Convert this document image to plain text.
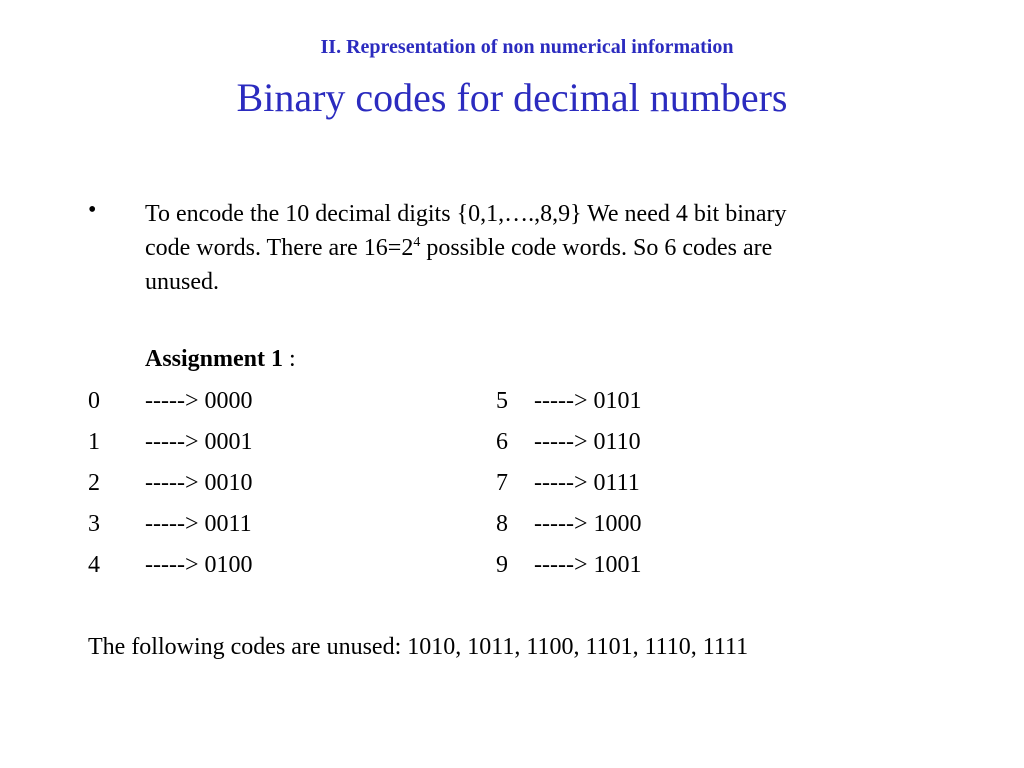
II. Representation of non numerical information
Binary codes for decimal numbers
• To encode the 10 decimal digits {0,1,….,8,9} We need 4 bit binary
code words. There are $16=2^4$ possible code words. So 6 codes are
unused.
Assignment 1 :
0 -----> 0000	5 -----> 0101
1 -----> 0001	6 -----> 0110
2 -----> 0010	7 -----> 0111
3 -----> 0011	8 -----> 1000
4 -----> 0100	9 -----> 1001
The following codes are unused: 1010, 1011, 1100, 1101, 1110, 1111
